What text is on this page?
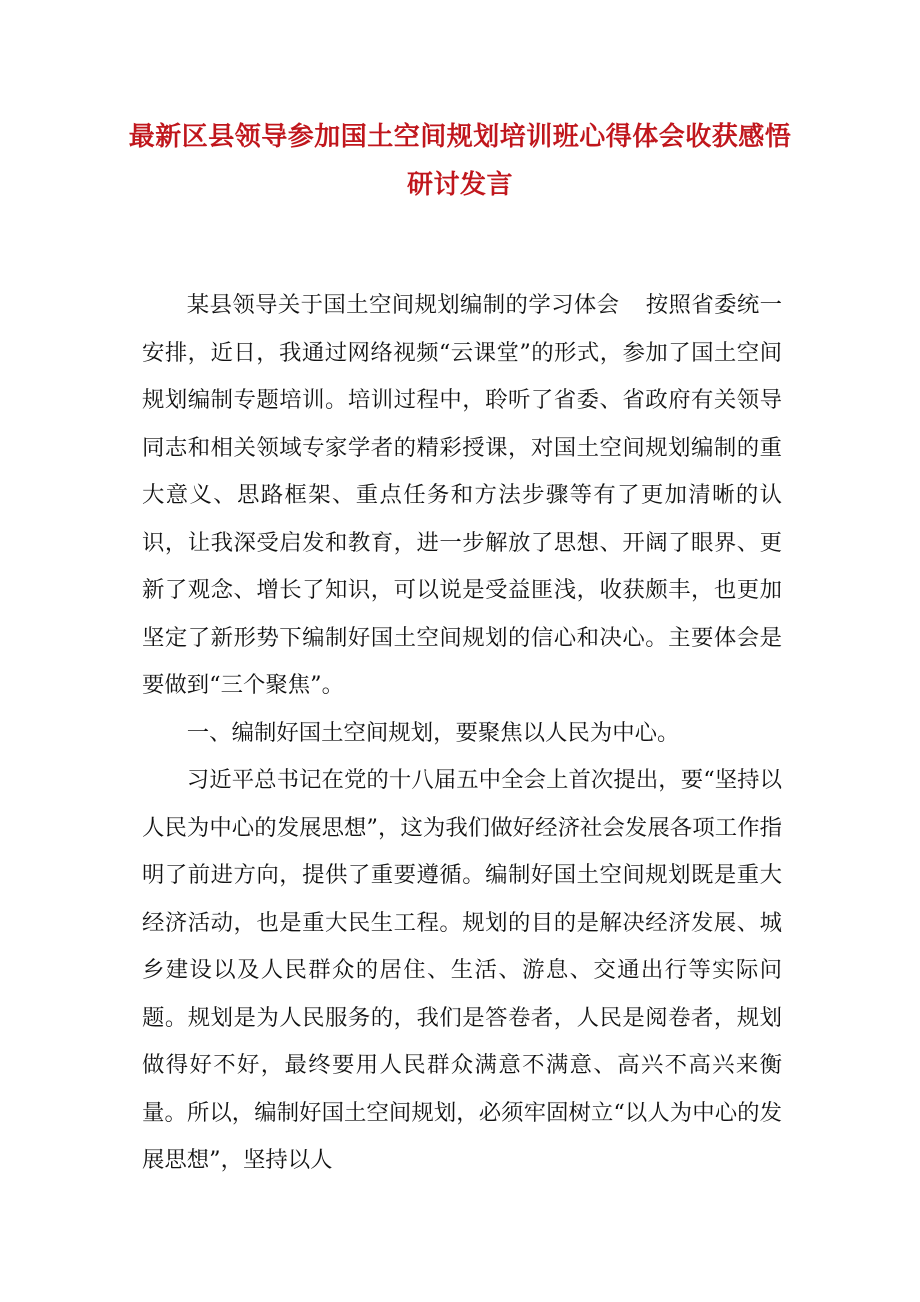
最新区县领导参加国土空间规划培训班心得体会收获感悟研讨发言

某县领导关于国土空间规划编制的学习体会 按照省委统一安排，近日，我通过网络视频“云课堂”的形式，参加了国土空间规划编制专题培训。培训过程中，聆听了省委、省政府有关领导同志和相关领域专家学者的精彩授课，对国土空间规划编制的重大意义、思路框架、重点任务和方法步骤等有了更加清晰的认识，让我深受启发和教育，进一步解放了思想、开阔了眼界、更新了观念、增长了知识，可以说是受益匪浅，收获颇丰，也更加坚定了新形势下编制好国土空间规划的信心和决心。主要体会是要做到“三个聚焦”。

一、编制好国土空间规划，要聚焦以人民为中心。

习近平总书记在党的十八届五中全会上首次提出，要“坚持以人民为中心的发展思想”，这为我们做好经济社会发展各项工作指明了前进方向，提供了重要遵循。编制好国土空间规划既是重大经济活动，也是重大民生工程。规划的目的是解决经济发展、城乡建设以及人民群众的居住、生活、游息、交通出行等实际问题。规划是为人民服务的，我们是答卷者，人民是阅卷者，规划做得好不好，最终要用人民群众满意不满意、高兴不高兴来衡量。所以，编制好国土空间规划，必须牢固树立“以人为中心的发展思想”，坚持以人
